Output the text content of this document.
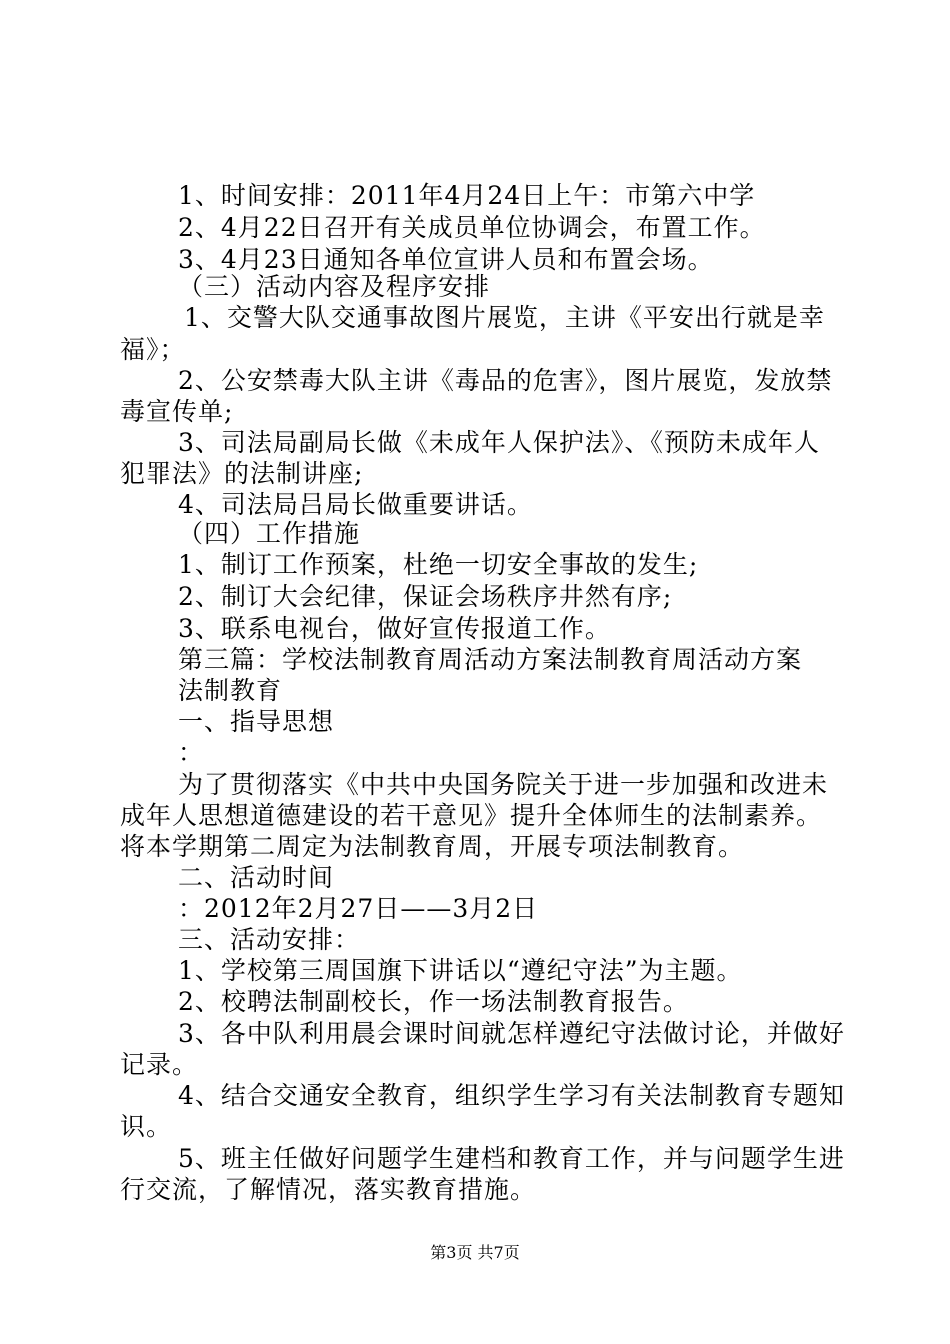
1、时间安排：2011年4月24日上午：市第六中学
2、4月22日召开有关成员单位协调会，布置工作。
3、4月23日通知各单位宣讲人员和布置会场。
（三）活动内容及程序安排
1、交警大队交通事故图片展览，主讲《平安出行就是幸
福》；
2、公安禁毒大队主讲《毒品的危害》，图片展览，发放禁
毒宣传单;
3、司法局副局长做《未成年人保护法》、《预防未成年人
犯罪法》的法制讲座;
4、司法局吕局长做重要讲话。
（四）工作措施
1、制订工作预案，杜绝一切安全事故的发生;
2、制订大会纪律，保证会场秩序井然有序;
3、联系电视台，做好宣传报道工作。
第三篇：学校法制教育周活动方案法制教育周活动方案
法制教育
一、指导思想
：
为了贯彻落实《中共中央国务院关于进一步加强和改进未
成年人思想道德建设的若干意见》提升全体师生的法制素养。
将本学期第二周定为法制教育周，开展专项法制教育。
二、活动时间
：2012年2月27日——3月2日
三、活动安排：
1、学校第三周国旗下讲话以“遵纪守法”为主题。
2、校聘法制副校长，作一场法制教育报告。
3、各中队利用晨会课时间就怎样遵纪守法做讨论，并做好
记录。
4、结合交通安全教育，组织学生学习有关法制教育专题知
识。
5、班主任做好问题学生建档和教育工作，并与问题学生进
行交流，了解情况，落实教育措施。
第3页 共7页
